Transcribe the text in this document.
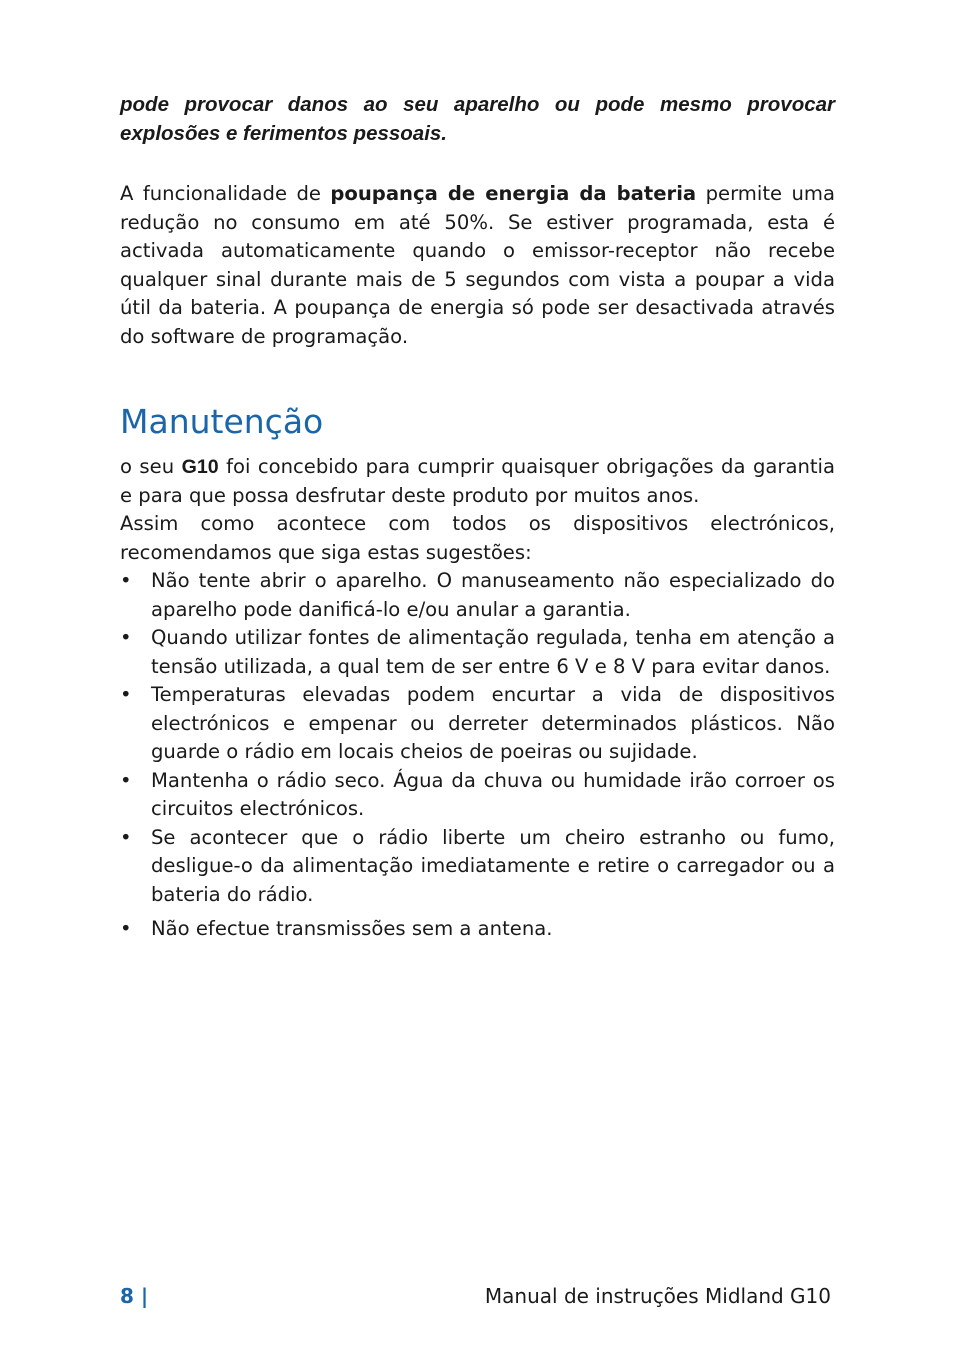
pode provocar danos ao seu aparelho ou pode mesmo provocar explosões e ferimentos pessoais.
A funcionalidade de poupança de energia da bateria permite uma redução no consumo em até 50%. Se estiver programada, esta é activada automaticamente quando o emissor-receptor não recebe qualquer sinal durante mais de 5 segundos com vista a poupar a vida útil da bateria. A poupança de energia só pode ser desactivada através do software de programação.
Manutenção

o seu G10 foi concebido para cumprir quaisquer obrigações da garantia e para que possa desfrutar deste produto por muitos anos.

Assim como acontece com todos os dispositivos electrónicos, recomendamos que siga estas sugestões:

• Não tente abrir o aparelho. O manuseamento não especializado do aparelho pode danificá-lo e/ou anular a garantia.
• Quando utilizar fontes de alimentação regulada, tenha em atenção a tensão utilizada, a qual tem de ser entre 6 V e 8 V para evitar danos.
• Temperaturas elevadas podem encurtar a vida de dispositivos electrónicos e empenar ou derreter determinados plásticos. Não guarde o rádio em locais cheios de poeiras ou sujidade.
• Mantenha o rádio seco. Água da chuva ou humidade irão corroer os circuitos electrónicos.
• Se acontecer que o rádio liberte um cheiro estranho ou fumo, desligue-o da alimentação imediatamente e retire o carregador ou a bateria do rádio.
• Não efectue transmissões sem a antena.
8 |	Manual de instruções Midland G10
